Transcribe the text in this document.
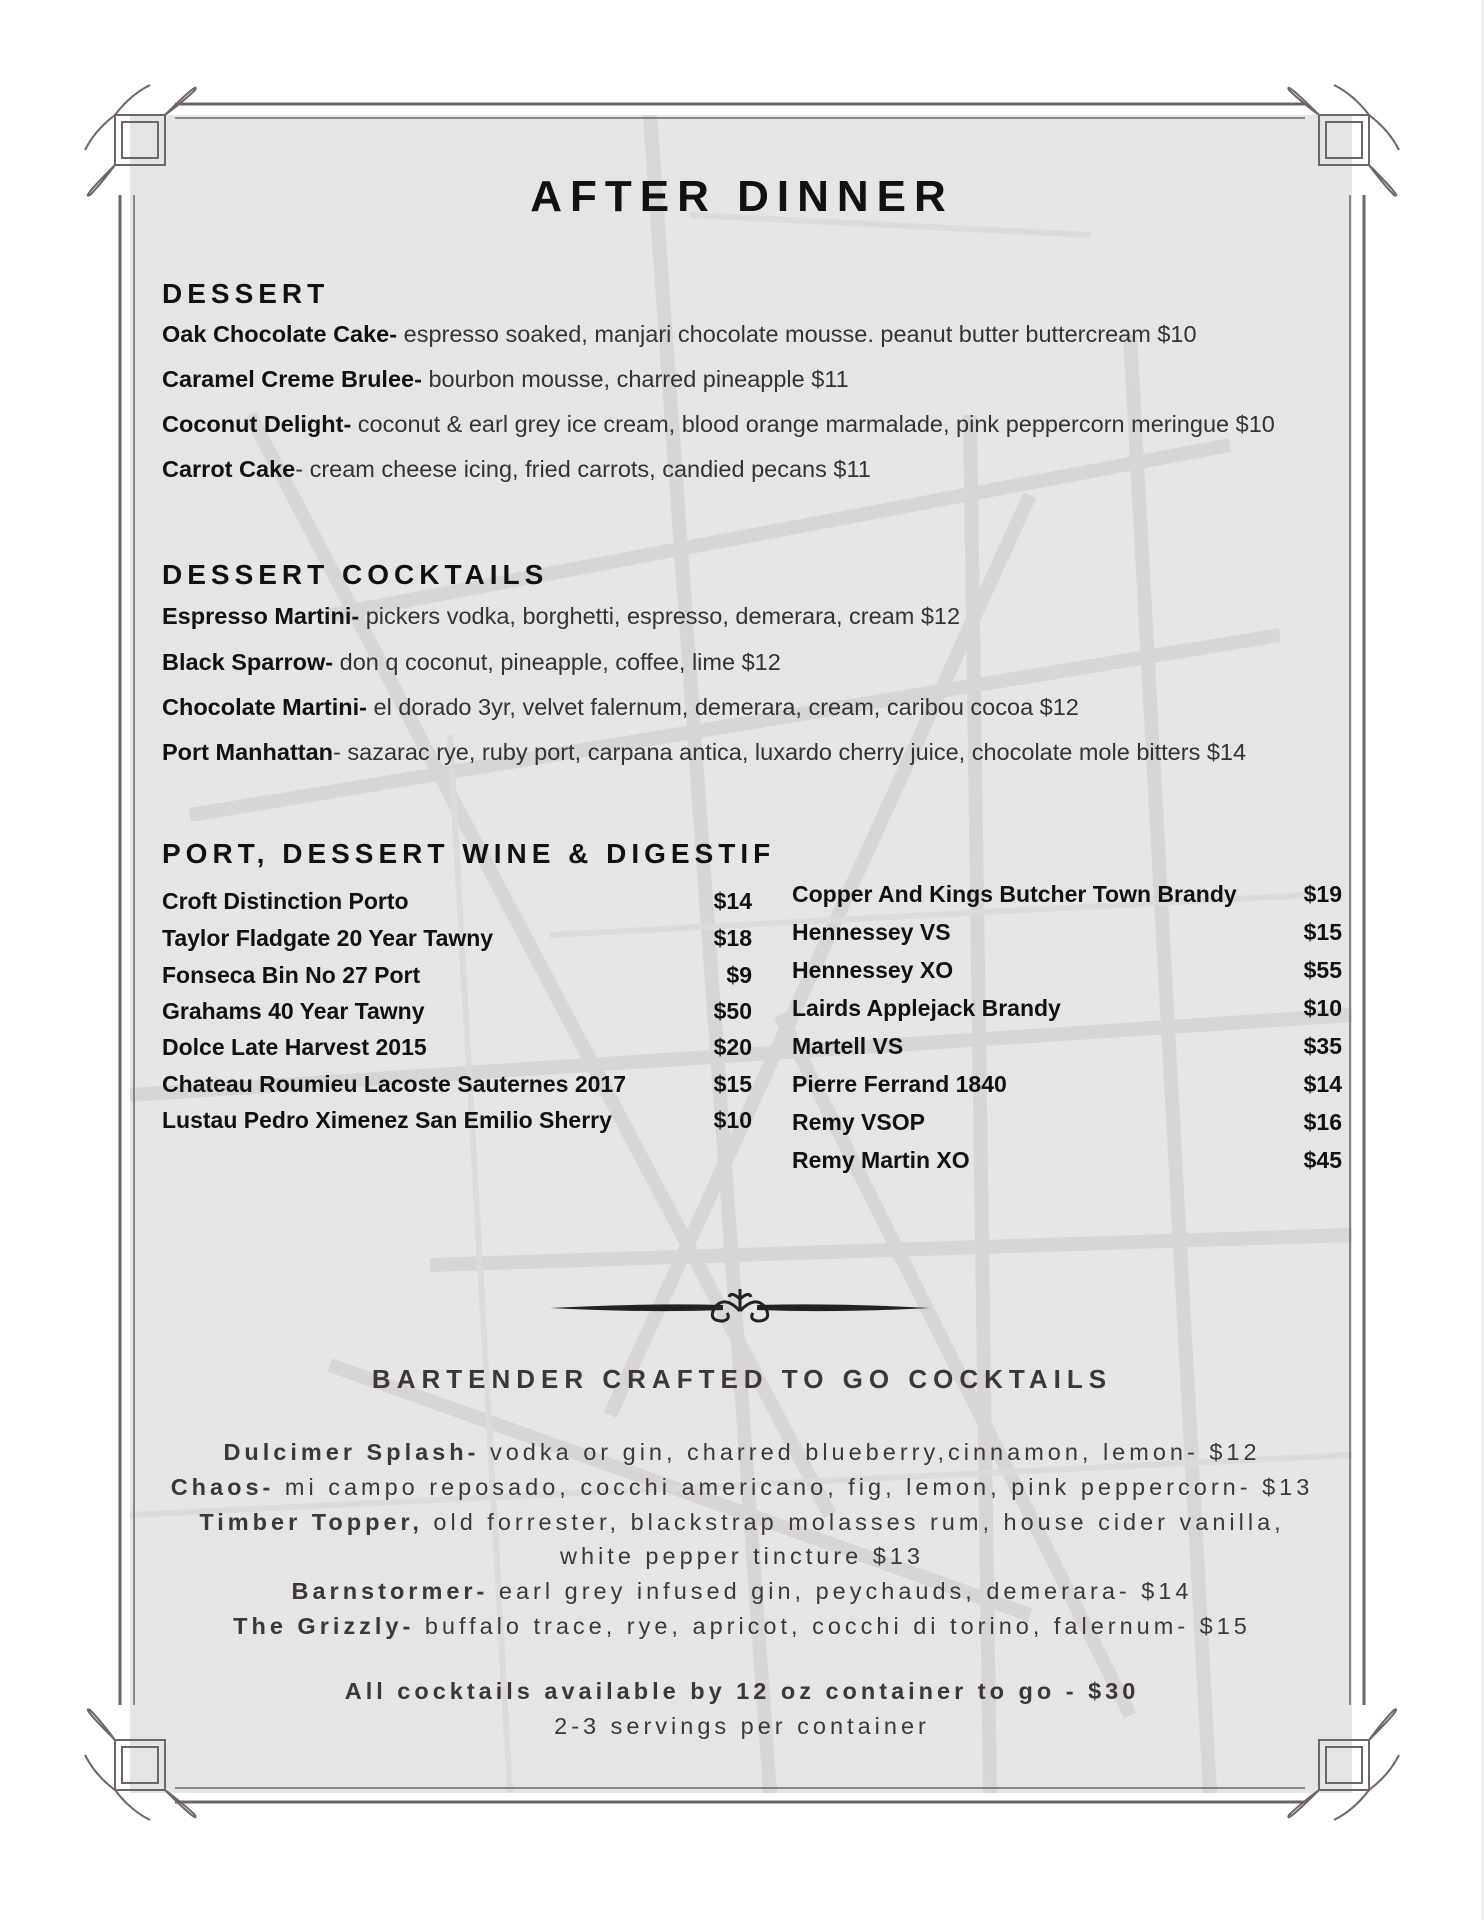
AFTER DINNER
DESSERT
Oak Chocolate Cake- espresso soaked, manjari chocolate mousse. peanut butter buttercream $10
Caramel Creme Brulee- bourbon mousse, charred pineapple $11
Coconut Delight- coconut & earl grey ice cream, blood orange marmalade, pink peppercorn meringue $10
Carrot Cake- cream cheese icing, fried carrots, candied pecans $11
DESSERT COCKTAILS
Espresso Martini- pickers vodka, borghetti, espresso, demerara, cream $12
Black Sparrow- don q coconut, pineapple, coffee, lime $12
Chocolate Martini- el dorado 3yr, velvet falernum, demerara, cream, caribou cocoa $12
Port Manhattan- sazarac rye, ruby port, carpana antica, luxardo cherry juice, chocolate mole bitters $14
PORT, DESSERT WINE & DIGESTIF
Croft Distinction Porto	$14
Taylor Fladgate 20 Year Tawny	$18
Fonseca Bin No 27 Port	$9
Grahams 40 Year Tawny	$50
Dolce Late Harvest 2015	$20
Chateau Roumieu Lacoste Sauternes 2017	$15
Lustau Pedro Ximenez San Emilio Sherry	$10
Copper And Kings Butcher Town Brandy	$19
Hennessey VS	$15
Hennessey XO	$55
Lairds Applejack Brandy	$10
Martell VS	$35
Pierre Ferrand 1840	$14
Remy VSOP	$16
Remy Martin XO	$45
BARTENDER CRAFTED TO GO COCKTAILS
Dulcimer Splash- vodka or gin, charred blueberry,cinnamon, lemon- $12
Chaos- mi campo reposado, cocchi americano, fig, lemon, pink peppercorn- $13
Timber Topper, old forrester, blackstrap molasses rum, house cider vanilla,
white pepper tincture $13
Barnstormer- earl grey infused gin, peychauds, demerara- $14
The Grizzly- buffalo trace, rye, apricot, cocchi di torino, falernum- $15
All cocktails available by 12 oz container to go - $30
2-3 servings per container
